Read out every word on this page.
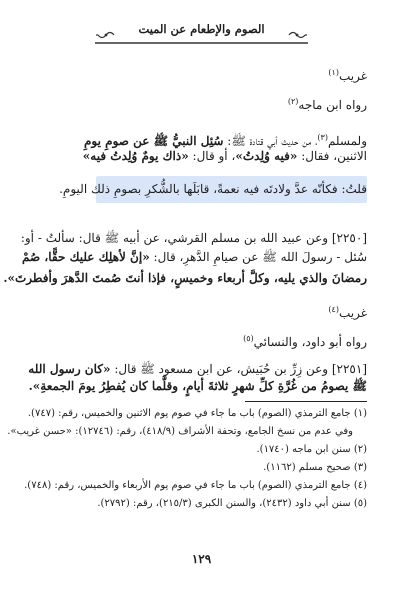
الصوم والإطعام عن الميت
غريب$^{(١)}$
رواه ابن ماجه$^{(٢)}$
ولمسلم$^{(٣)}$، من حديث أبي قتادة ﷺ: سُئِل النبيُّ ﷺ عن صومِ يومِ
الاثنين، فقال: «فيه وُلِدتُ»، أو قال: «ذاك يومٌ وُلِدتُ فيه»
قلتُ: فكأنّه عدَّ ولادتَه فيه نعمةً، قابَلَها بالشُّكرِ بصومِ ذلك اليومِ.
[٢٢٥٠] وعن عبيد الله بن مسلم القرشي، عن أبيه ﷺ قال: سألتُ - أو:
سُئل - رسولَ الله ﷺ عن صيامِ الدَّهرِ، قال: «إنَّ لأهلِك عليك حقًّا، صُمْ
رمضانَ والذي يليه، وكلَّ أربعاء وخميسٍ، فإذا أنتَ صُمتَ الدَّهرَ وأفطرتَ».
غريب$^{(٤)}$
رواه أبو داود، والنسائي$^{(٥)}$
[٢٢٥١] وعن زِرِّ بن حُبَيش، عن ابن مسعود ﷺ قال: «كان رسول الله
ﷺ يصومُ من غُرَّةِ كلِّ شهرٍ ثلاثةَ أيامٍ، وقلَّما كان يُفطِرُ يومَ الجمعةِ».
(١) جامع الترمذي (الصوم) باب ما جاء في صوم يوم الاثنين والخميس، رقم: (٧٤٧).
وفي عدم من نسخ الجامع، وتحفة الأشراف (٤١٨/٩)، رقم: (١٢٧٤٦): «حسن غريب».
(٢) سنن ابن ماجه (١٧٤٠).
(٣) صحيح مسلم (١١٦٢).
(٤) جامع الترمذي (الصوم) باب ما جاء في صوم يوم الأربعاء والخميس، رقم: (٧٤٨).
(٥) سنن أبي داود (٢٤٣٢)، والسنن الكبرى (٢١٥/٣)، رقم: (٢٧٩٢).
١٢٩
